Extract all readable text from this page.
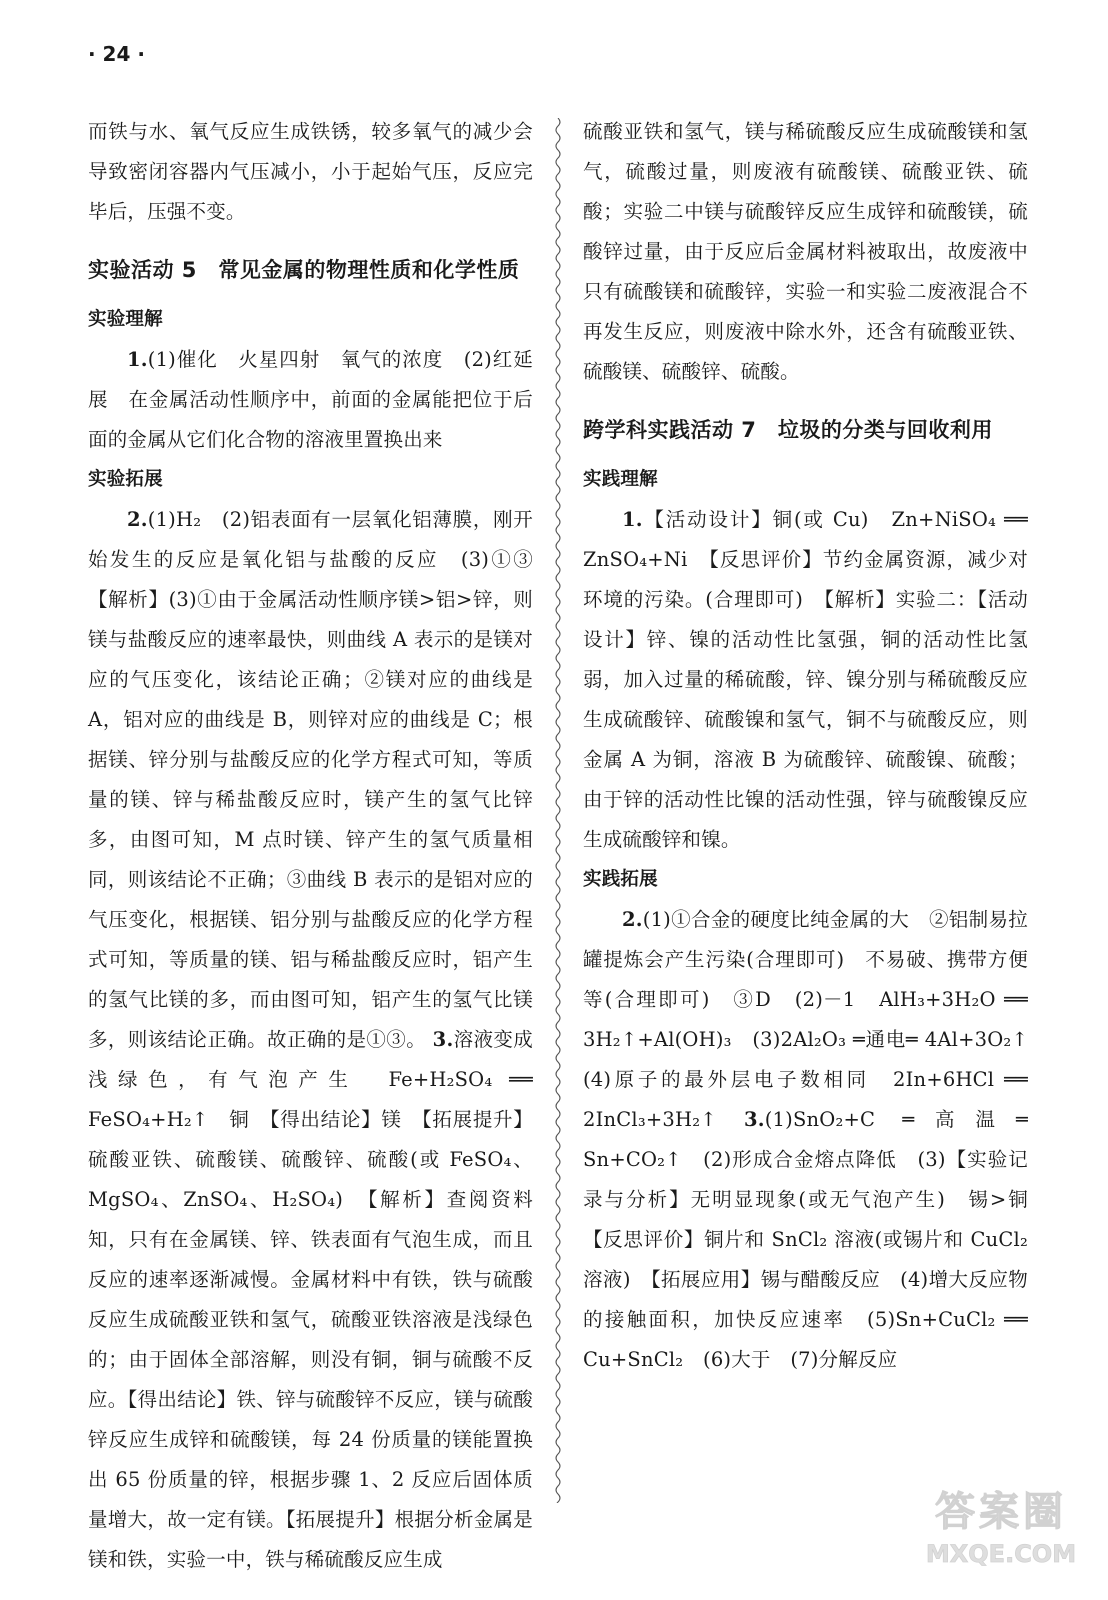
· 24 ·

而铁与水、氧气反应生成铁锈，较多氧气的减少会导致密闭容器内气压减小，小于起始气压，反应完毕后，压强不变。

实验活动 5　常见金属的物理性质和化学性质
实验理解

1.(1)催化　火星四射　氧气的浓度　(2)红延展　在金属活动性顺序中，前面的金属能把位于后面的金属从它们化合物的溶液里置换出来

实验拓展

2.(1)H₂　(2)铝表面有一层氧化铝薄膜，刚开始发生的反应是氧化铝与盐酸的反应　(3)①③　【解析】(3)①由于金属活动性顺序镁>铝>锌，则镁与盐酸反应的速率最快，则曲线 A 表示的是镁对应的气压变化，该结论正确；②镁对应的曲线是 A，铝对应的曲线是 B，则锌对应的曲线是 C；根据镁、锌分别与盐酸反应的化学方程式可知，等质量的镁、锌与稀盐酸反应时，镁产生的氢气比锌多，由图可知，M 点时镁、锌产生的氢气质量相同，则该结论不正确；③曲线 B 表示的是铝对应的气压变化，根据镁、铝分别与盐酸反应的化学方程式可知，等质量的镁、铝与稀盐酸反应时，铝产生的氢气比镁的多，而由图可知，铝产生的氢气比镁多，则该结论正确。故正确的是①③。 3.溶液变成浅绿色，有气泡产生　Fe+H₂SO₄ ══ FeSO₄+H₂↑　铜　【得出结论】镁　【拓展提升】硫酸亚铁、硫酸镁、硫酸锌、硫酸(或 FeSO₄、MgSO₄、ZnSO₄、H₂SO₄)　【解析】查阅资料知，只有在金属镁、锌、铁表面有气泡生成，而且反应的速率逐渐减慢。金属材料中有铁，铁与硫酸反应生成硫酸亚铁和氢气，硫酸亚铁溶液是浅绿色的；由于固体全部溶解，则没有铜，铜与硫酸不反应。【得出结论】铁、锌与硫酸锌不反应，镁与硫酸锌反应生成锌和硫酸镁，每 24 份质量的镁能置换出 65 份质量的锌，根据步骤 1、2 反应后固体质量增大，故一定有镁。【拓展提升】根据分析金属是镁和铁，实验一中，铁与稀硫酸反应生成

硫酸亚铁和氢气，镁与稀硫酸反应生成硫酸镁和氢气，硫酸过量，则废液有硫酸镁、硫酸亚铁、硫酸；实验二中镁与硫酸锌反应生成锌和硫酸镁，硫酸锌过量，由于反应后金属材料被取出，故废液中只有硫酸镁和硫酸锌，实验一和实验二废液混合不再发生反应，则废液中除水外，还含有硫酸亚铁、硫酸镁、硫酸锌、硫酸。

跨学科实践活动 7　垃圾的分类与回收利用
实践理解

1.【活动设计】铜(或 Cu)　Zn+NiSO₄ ══ ZnSO₄+Ni　【反思评价】节约金属资源，减少对环境的污染。(合理即可)　【解析】实验二：【活动设计】锌、镍的活动性比氢强，铜的活动性比氢弱，加入过量的稀硫酸，锌、镍分别与稀硫酸反应生成硫酸锌、硫酸镍和氢气，铜不与硫酸反应，则金属 A 为铜，溶液 B 为硫酸锌、硫酸镍、硫酸；由于锌的活动性比镍的活动性强，锌与硫酸镍反应生成硫酸锌和镍。

实践拓展

2.(1)①合金的硬度比纯金属的大　②铝制易拉罐提炼会产生污染(合理即可)　不易破、携带方便等(合理即可)　③D　(2)－1　AlH₃+3H₂O ══ 3H₂↑+Al(OH)₃　(3)2Al₂O₃ ═通电═ 4Al+3O₂↑　(4)原子的最外层电子数相同　2In+6HCl ══ 2InCl₃+3H₂↑ 3.(1)SnO₂+C ═高温═ Sn+CO₂↑　(2)形成合金熔点降低　(3)【实验记录与分析】无明显现象(或无气泡产生)　锡>铜　【反思评价】铜片和 SnCl₂ 溶液(或锡片和 CuCl₂ 溶液)　【拓展应用】锡与醋酸反应　(4)增大反应物的接触面积，加快反应速率　(5)Sn+CuCl₂ ══ Cu+SnCl₂　(6)大于　(7)分解反应

答案圈
MXQE.COM
